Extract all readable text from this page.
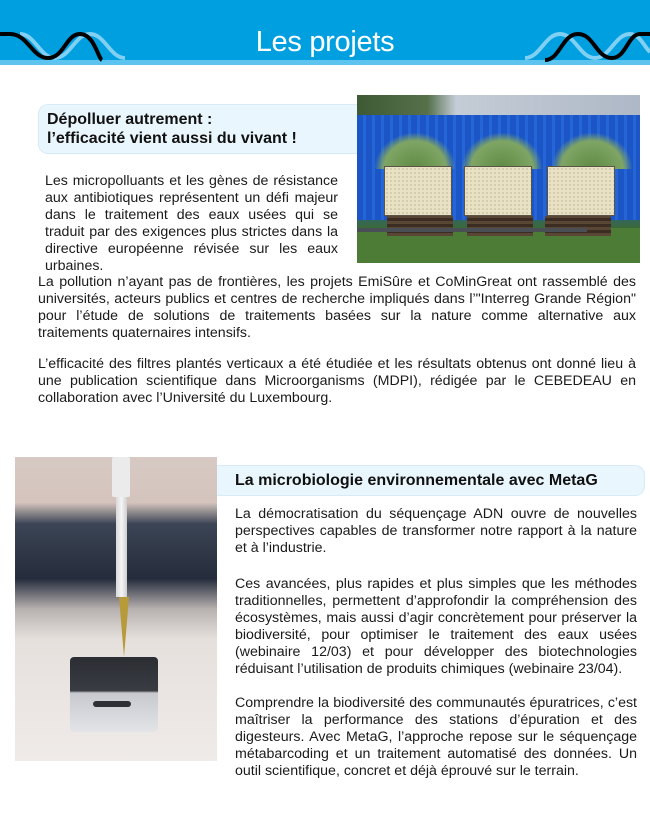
Les projets
Dépolluer autrement :
l’efficacité vient aussi du vivant !

Les micropolluants et les gènes de résistance aux antibiotiques représentent un défi majeur dans le traitement des eaux usées qui se traduit par des exigences plus strictes dans la directive européenne révisée sur les eaux urbaines.

La pollution n’ayant pas de frontières, les projets EmiSûre et CoMinGreat ont rassemblé des universités, acteurs publics et centres de recherche impliqués dans l’"Interreg Grande Région" pour l’étude de solutions de traitements basées sur la nature comme alternative aux traitements quaternaires intensifs.

L’efficacité des filtres plantés verticaux a été étudiée et les résultats obtenus ont donné lieu à une publication scientifique dans Microorganisms (MDPI), rédigée par le CEBEDEAU en collaboration avec l’Université du Luxembourg.

La microbiologie environnementale avec MetaG

La démocratisation du séquençage ADN ouvre de nouvelles perspectives capables de transformer notre rapport à la nature et à l’industrie.

Ces avancées, plus rapides et plus simples que les méthodes traditionnelles, permettent d’approfondir la compréhension des écosystèmes, mais aussi d’agir concrètement pour préserver la biodiversité, pour optimiser le traitement des eaux usées (webinaire 12/03) et pour développer des biotechnologies réduisant l’utilisation de produits chimiques (webinaire 23/04).

Comprendre la biodiversité des communautés épuratrices, c’est maîtriser la performance des stations d’épuration et des digesteurs. Avec MetaG, l’approche repose sur le séquençage métabarcoding et un traitement automatisé des données. Un outil scientifique, concret et déjà éprouvé sur le terrain.
